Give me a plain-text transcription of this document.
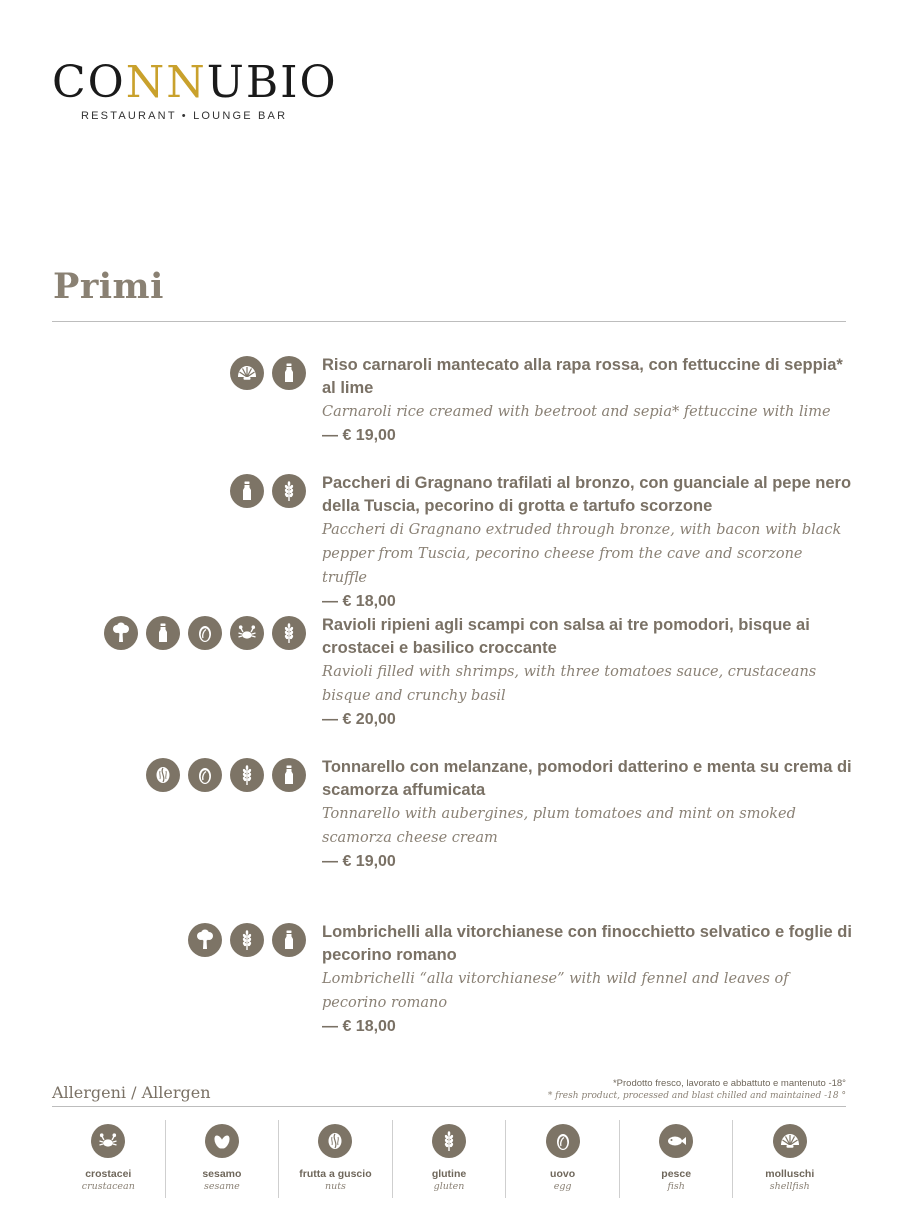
CONNUBIO
RESTAURANT • LOUNGE BAR
Primi
Riso carnaroli mantecato alla rapa rossa, con fettuccine di seppia* al lime
Carnaroli rice creamed with beetroot and sepia* fettuccine with lime
— € 19,00
Paccheri di Gragnano trafilati al bronzo, con guanciale al pepe nero della Tuscia, pecorino di grotta e tartufo scorzone
Paccheri di Gragnano extruded through bronze, with bacon with black pepper from Tuscia, pecorino cheese from the cave and scorzone truffle
— € 18,00
Ravioli ripieni agli scampi con salsa ai tre pomodori, bisque ai crostacei e basilico croccante
Ravioli filled with shrimps, with three tomatoes sauce, crustaceans bisque and crunchy basil
— € 20,00
Tonnarello con melanzane, pomodori datterino e menta su crema di scamorza affumicata
Tonnarello with aubergines, plum tomatoes and mint on smoked scamorza cheese cream
— € 19,00
Lombrichelli alla vitorchianese con finocchietto selvatico e foglie di pecorino romano
Lombrichelli “alla vitorchianese” with wild fennel and leaves of pecorino romano
— € 18,00
Allergeni / Allergen	*Prodotto fresco, lavorato e abbattuto e mantenuto -18°
* fresh product, processed and blast chilled and maintained -18 °
crostacei
crustacean
sesamo
sesame
frutta a guscio
nuts
glutine
gluten
uovo
egg
pesce
fish
molluschi
shellfish
